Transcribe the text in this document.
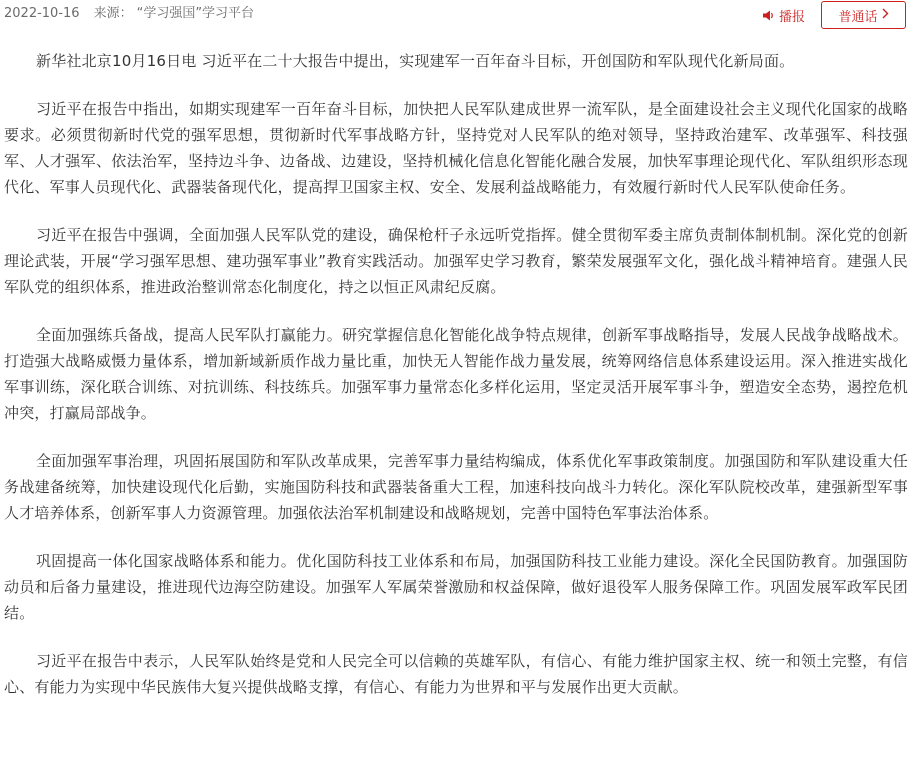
2022-10-16 来源： “学习强国”学习平台	播报	普通话

新华社北京10月16日电 习近平在二十大报告中提出，实现建军一百年奋斗目标，开创国防和军队现代化新局面。

习近平在报告中指出，如期实现建军一百年奋斗目标，加快把人民军队建成世界一流军队，是全面建设社会主义现代化国家的战略要求。必须贯彻新时代党的强军思想，贯彻新时代军事战略方针，坚持党对人民军队的绝对领导，坚持政治建军、改革强军、科技强军、人才强军、依法治军，坚持边斗争、边备战、边建设，坚持机械化信息化智能化融合发展，加快军事理论现代化、军队组织形态现代化、军事人员现代化、武器装备现代化，提高捍卫国家主权、安全、发展利益战略能力，有效履行新时代人民军队使命任务。

习近平在报告中强调，全面加强人民军队党的建设，确保枪杆子永远听党指挥。健全贯彻军委主席负责制体制机制。深化党的创新理论武装，开展“学习强军思想、建功强军事业”教育实践活动。加强军史学习教育，繁荣发展强军文化，强化战斗精神培育。建强人民军队党的组织体系，推进政治整训常态化制度化，持之以恒正风肃纪反腐。

全面加强练兵备战，提高人民军队打赢能力。研究掌握信息化智能化战争特点规律，创新军事战略指导，发展人民战争战略战术。打造强大战略威慑力量体系，增加新域新质作战力量比重，加快无人智能作战力量发展，统筹网络信息体系建设运用。深入推进实战化军事训练，深化联合训练、对抗训练、科技练兵。加强军事力量常态化多样化运用，坚定灵活开展军事斗争，塑造安全态势，遏控危机冲突，打赢局部战争。

全面加强军事治理，巩固拓展国防和军队改革成果，完善军事力量结构编成，体系优化军事政策制度。加强国防和军队建设重大任务战建备统筹，加快建设现代化后勤，实施国防科技和武器装备重大工程，加速科技向战斗力转化。深化军队院校改革，建强新型军事人才培养体系，创新军事人力资源管理。加强依法治军机制建设和战略规划，完善中国特色军事法治体系。

巩固提高一体化国家战略体系和能力。优化国防科技工业体系和布局，加强国防科技工业能力建设。深化全民国防教育。加强国防动员和后备力量建设，推进现代边海空防建设。加强军人军属荣誉激励和权益保障，做好退役军人服务保障工作。巩固发展军政军民团结。

习近平在报告中表示，人民军队始终是党和人民完全可以信赖的英雄军队，有信心、有能力维护国家主权、统一和领土完整，有信心、有能力为实现中华民族伟大复兴提供战略支撑，有信心、有能力为世界和平与发展作出更大贡献。
